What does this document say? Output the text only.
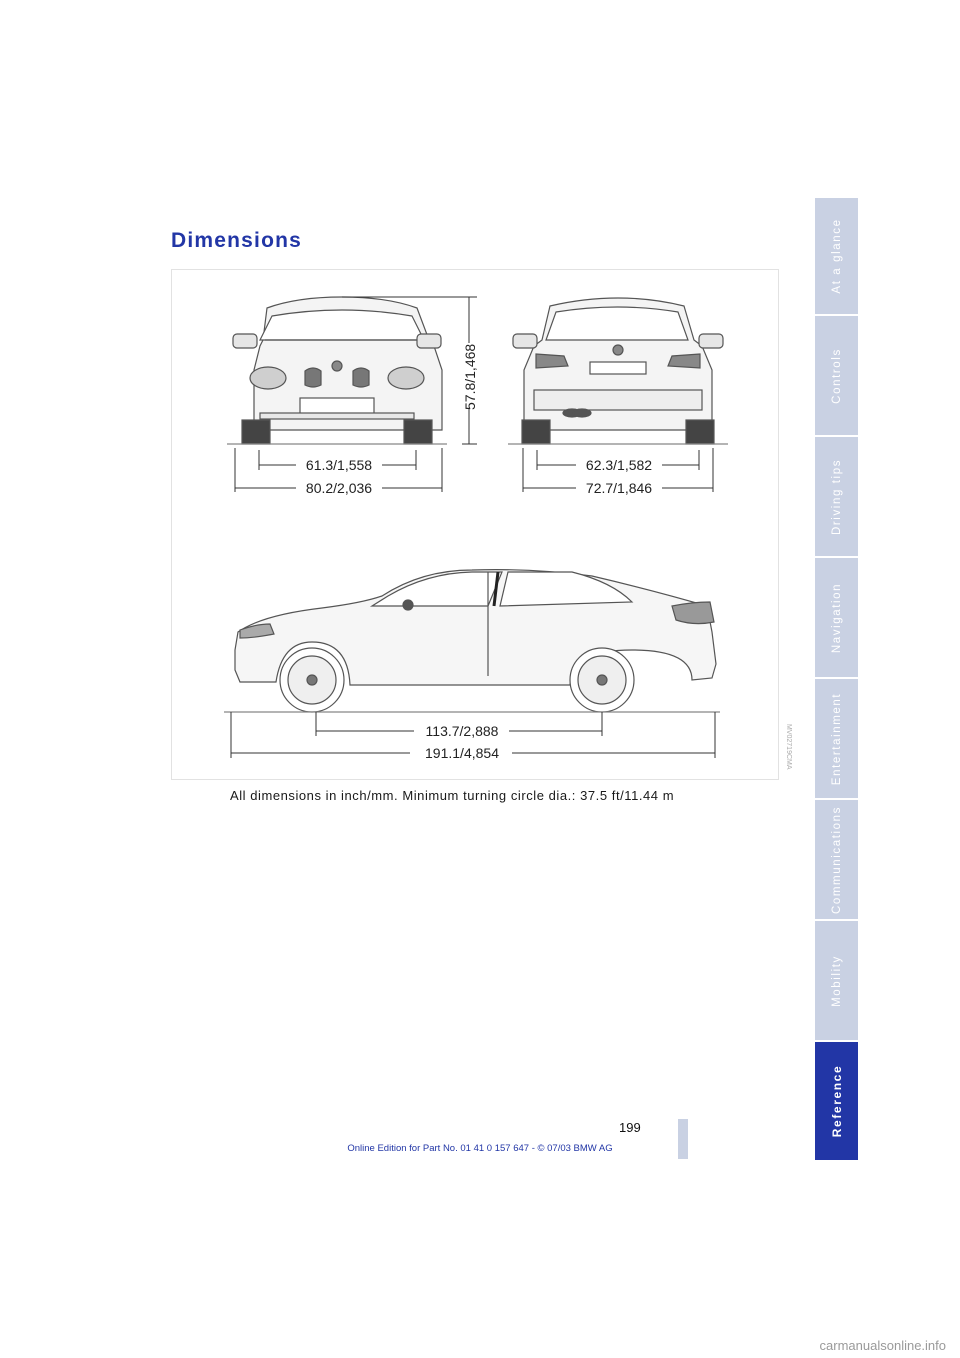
Dimensions
57.8/1,468
61.3/1,558
80.2/2,036
62.3/1,582
72.7/1,846
113.7/2,888
191.1/4,854	MV02719CMA
All dimensions in inch/mm. Minimum turning circle dia.: 37.5 ft/11.44 m
At a glance
Controls
Driving tips
Navigation
Entertainment
Communications
Mobility
Reference
199
Online Edition for Part No. 01 41 0 157 647 - © 07/03 BMW AG
carmanualsonline.info
